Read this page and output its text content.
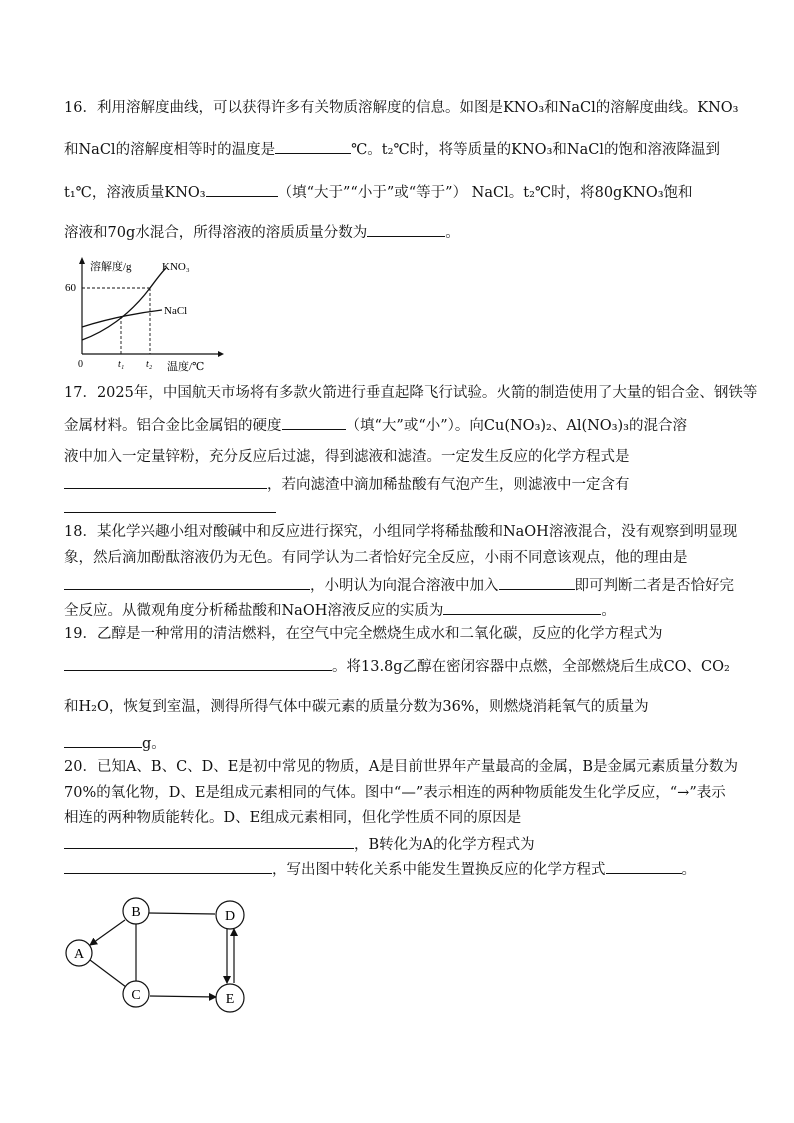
16．利用溶解度曲线，可以获得许多有关物质溶解度的信息。如图是KNO₃和NaCl的溶解度曲线。KNO₃
和NaCl的溶解度相等时的温度是	℃。t₂℃时，将等质量的KNO₃和NaCl的饱和溶液降温到
t₁℃，溶液质量KNO₃	（填“大于”“小于”或“等于”） NaCl。t₂℃时，将80gKNO₃饱和
溶液和70g水混合，所得溶液的溶质质量分数为	。
溶解度/g
60
0	t₁ t₂ 温度/℃
KNO₃
NaCl
17．2025年，中国航天市场将有多款火箭进行垂直起降飞行试验。火箭的制造使用了大量的铝合金、钢铁等
金属材料。铝合金比金属铝的硬度	（填“大”或“小”）。向Cu(NO₃)₂、Al(NO₃)₃的混合溶
液中加入一定量锌粉，充分反应后过滤，得到滤液和滤渣。一定发生反应的化学方程式是
，若向滤渣中滴加稀盐酸有气泡产生，则滤液中一定含有
18．某化学兴趣小组对酸碱中和反应进行探究，小组同学将稀盐酸和NaOH溶液混合，没有观察到明显现
象，然后滴加酚酞溶液仍为无色。有同学认为二者恰好完全反应，小雨不同意该观点，他的理由是
，小明认为向混合溶液中加入	即可判断二者是否恰好完
全反应。从微观角度分析稀盐酸和NaOH溶液反应的实质为	。
19．乙醇是一种常用的清洁燃料，在空气中完全燃烧生成水和二氧化碳，反应的化学方程式为
。将13.8g乙醇在密闭容器中点燃，全部燃烧后生成CO、CO₂
和H₂O，恢复到室温，测得所得气体中碳元素的质量分数为36%，则燃烧消耗氧气的质量为
g。
20．已知A、B、C、D、E是初中常见的物质，A是目前世界年产量最高的金属，B是金属元素质量分数为
70%的氧化物，D、E是组成元素相同的气体。图中“—”表示相连的两种物质能发生化学反应，“→”表示
相连的两种物质能转化。D、E组成元素相同，但化学性质不同的原因是
，B转化为A的化学方程式为
，写出图中转化关系中能发生置换反应的化学方程式	。
A
B
C
D
E
